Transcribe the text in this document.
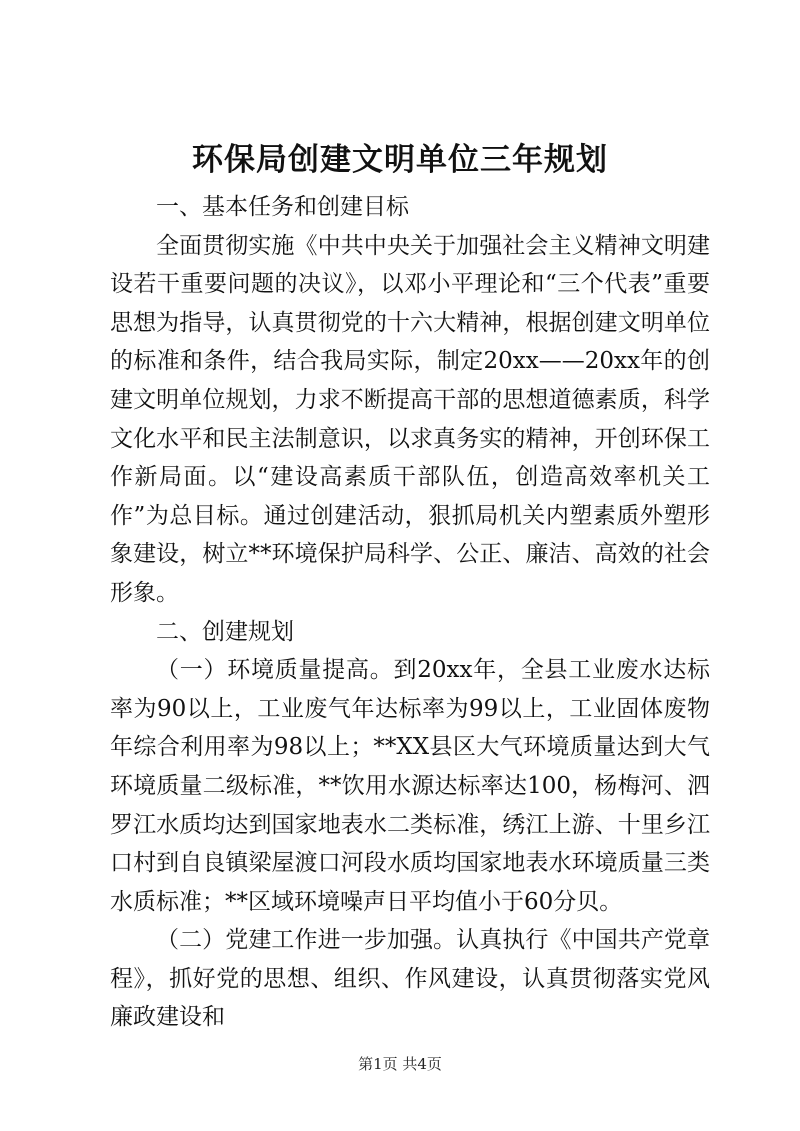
环保局创建文明单位三年规划

一、基本任务和创建目标

全面贯彻实施《中共中央关于加强社会主义精神文明建设若干重要问题的决议》，以邓小平理论和“三个代表”重要思想为指导，认真贯彻党的十六大精神，根据创建文明单位的标准和条件，结合我局实际，制定20xx——20xx年的创建文明单位规划，力求不断提高干部的思想道德素质，科学文化水平和民主法制意识，以求真务实的精神，开创环保工作新局面。以“建设高素质干部队伍，创造高效率机关工作”为总目标。通过创建活动，狠抓局机关内塑素质外塑形象建设，树立**环境保护局科学、公正、廉洁、高效的社会形象。

二、创建规划

（一）环境质量提高。到20xx年，全县工业废水达标率为90以上，工业废气年达标率为99以上，工业固体废物年综合利用率为98以上；**XX县区大气环境质量达到大气环境质量二级标准，**饮用水源达标率达100，杨梅河、泗罗江水质均达到国家地表水二类标准，绣江上游、十里乡江口村到自良镇梁屋渡口河段水质均国家地表水环境质量三类水质标准；**区域环境噪声日平均值小于60分贝。

（二）党建工作进一步加强。认真执行《中国共产党章程》，抓好党的思想、组织、作风建设，认真贯彻落实党风廉政建设和

第1页 共4页
